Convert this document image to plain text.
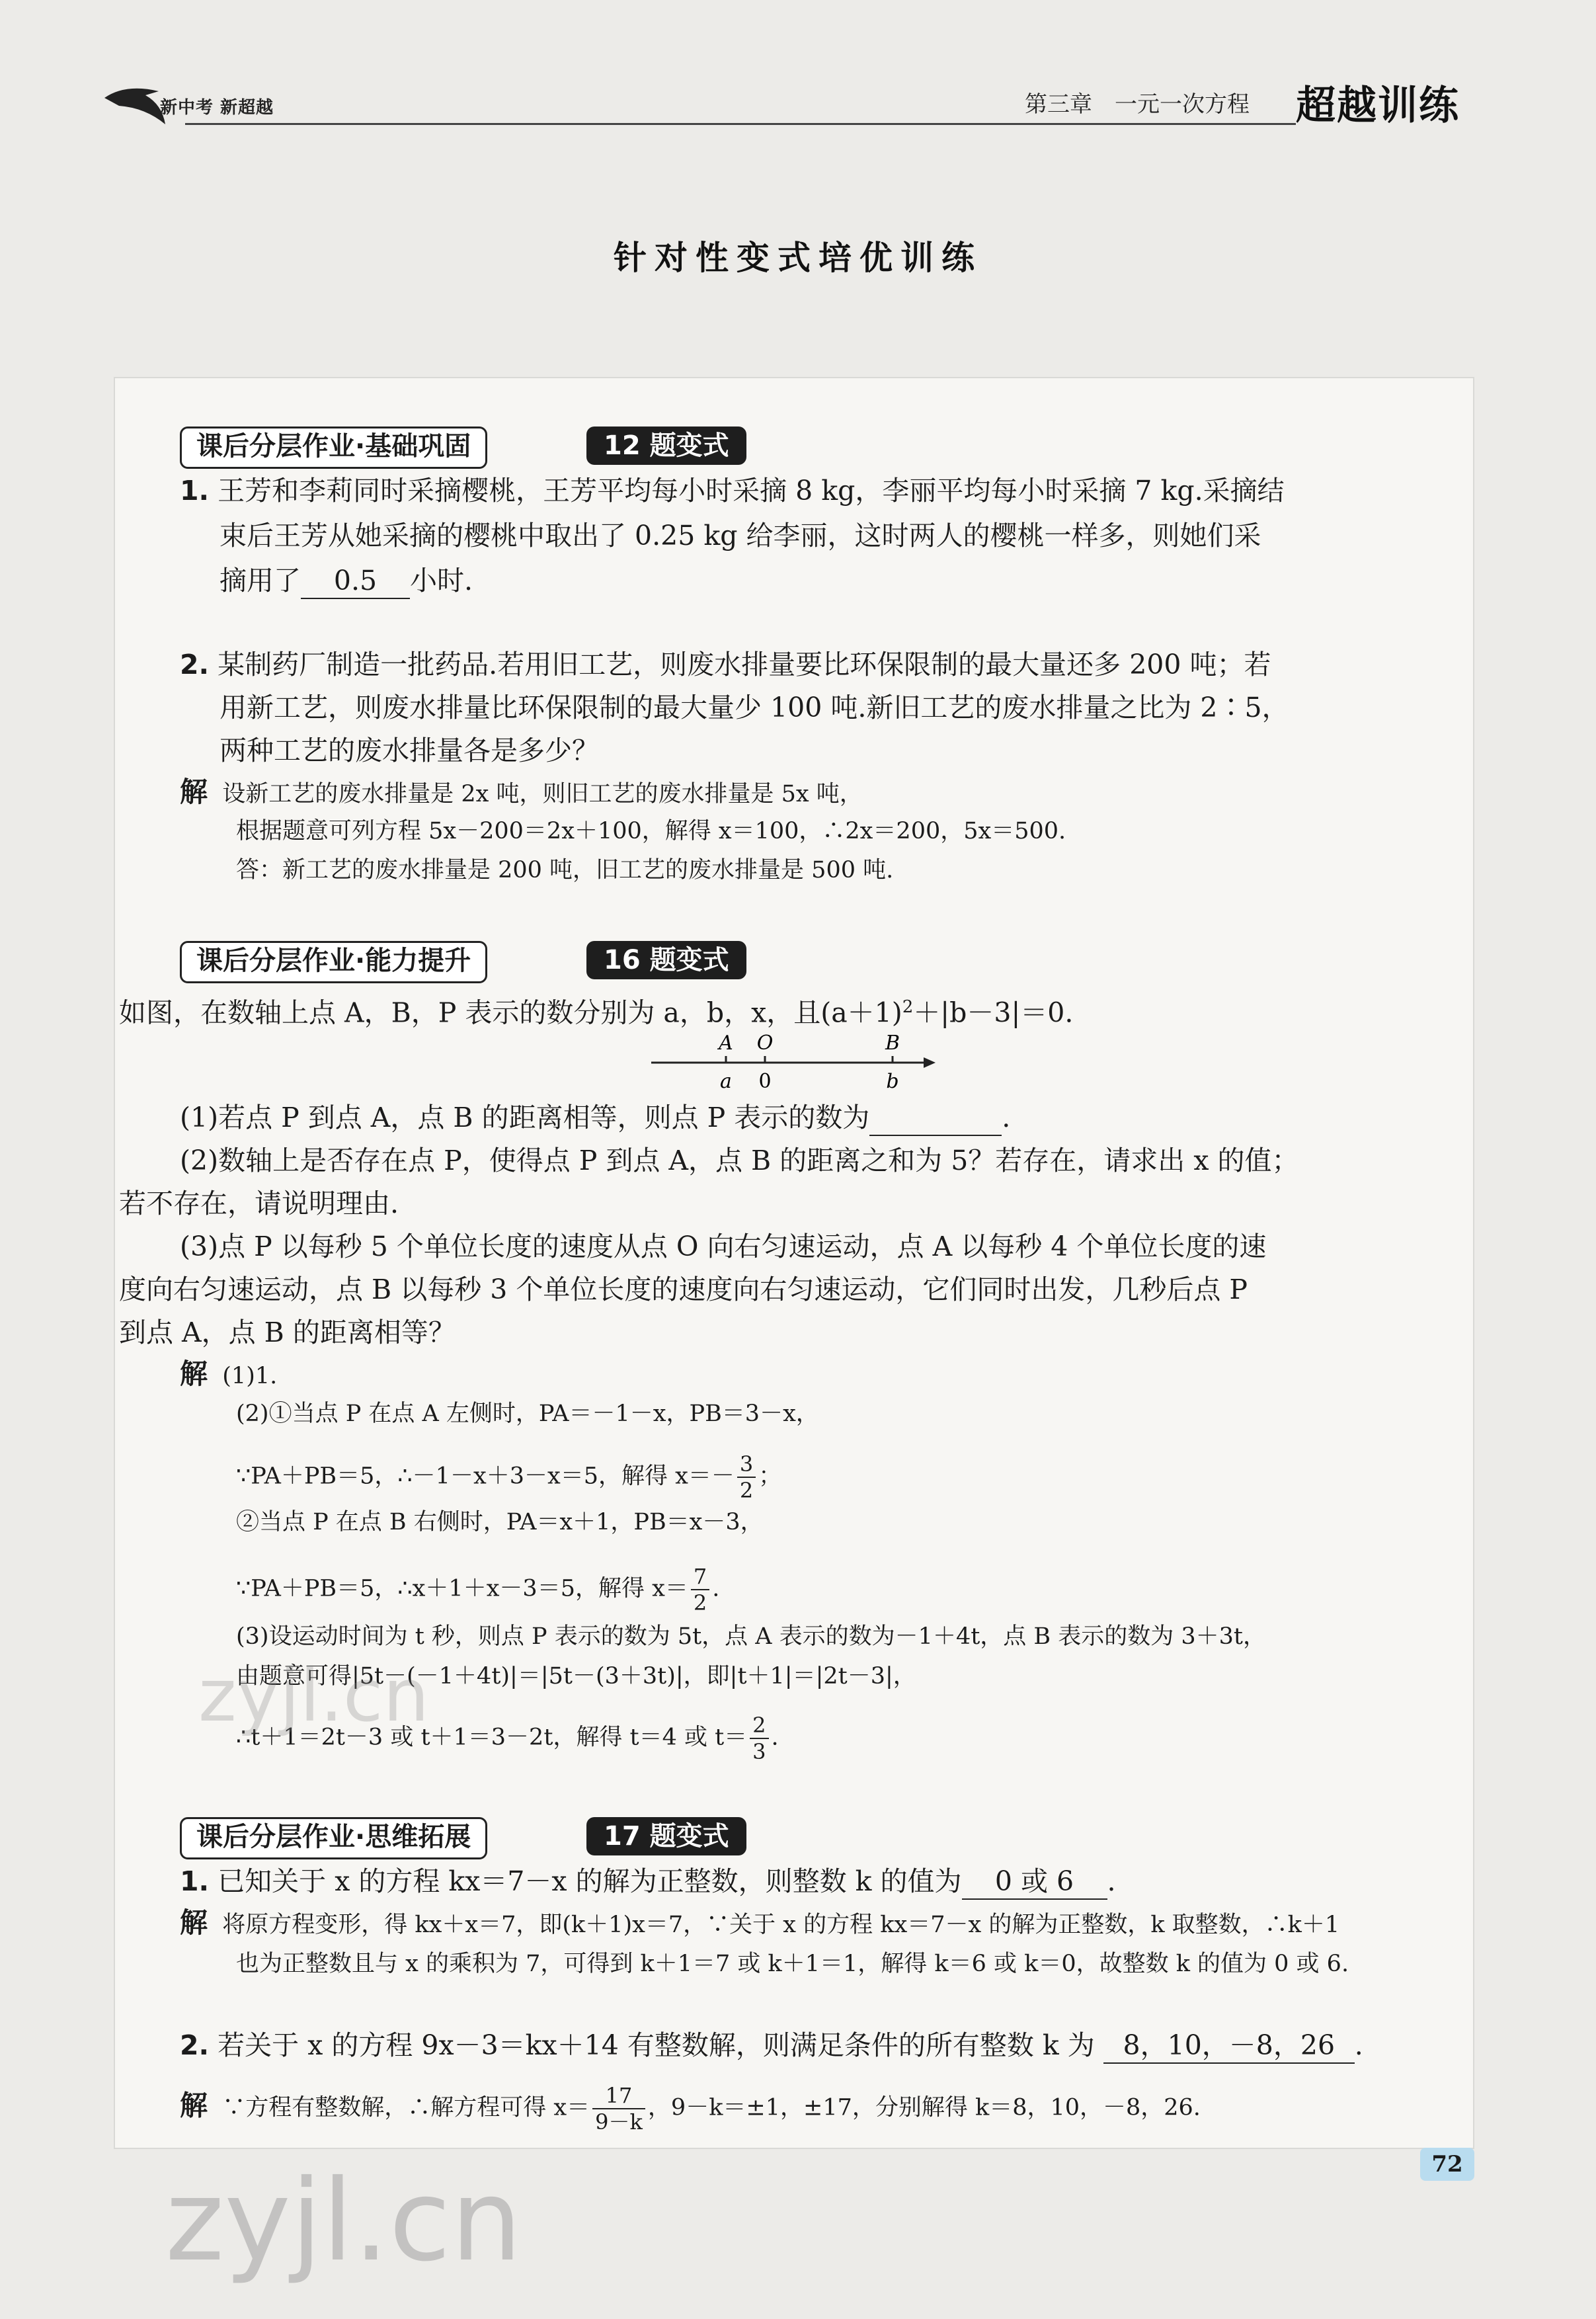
新中考 新超越	第三章　一元一次方程 超越训练
针对性变式培优训练
课后分层作业·基础巩固	12 题变式
1. 王芳和李莉同时采摘樱桃，王芳平均每小时采摘 8 kg，李丽平均每小时采摘 7 kg.采摘结
束后王芳从她采摘的樱桃中取出了 0.25 kg 给李丽，这时两人的樱桃一样多，则她们采
摘用了 0.5 小时.
2. 某制药厂制造一批药品.若用旧工艺，则废水排量要比环保限制的最大量还多 200 吨；若
用新工艺，则废水排量比环保限制的最大量少 100 吨.新旧工艺的废水排量之比为 2∶5，
两种工艺的废水排量各是多少？
解 设新工艺的废水排量是 2x 吨，则旧工艺的废水排量是 5x 吨，
根据题意可列方程 5x－200＝2x＋100，解得 x＝100，∴2x＝200，5x＝500.
答：新工艺的废水排量是 200 吨，旧工艺的废水排量是 500 吨.
课后分层作业·能力提升	16 题变式
如图，在数轴上点 A，B，P 表示的数分别为 a，b，x，且$(a+1)^2+|b-3|=0$.
A O	B
a 0	b
(1)若点 P 到点 A，点 B 的距离相等，则点 P 表示的数为	.
(2)数轴上是否存在点 P，使得点 P 到点 A，点 B 的距离之和为 5？若存在，请求出 x 的值；
若不存在，请说明理由.
(3)点 P 以每秒 5 个单位长度的速度从点 O 向右匀速运动，点 A 以每秒 4 个单位长度的速
度向右匀速运动，点 B 以每秒 3 个单位长度的速度向右匀速运动，它们同时出发，几秒后点 P
到点 A，点 B 的距离相等？
解 (1)1.
(2)①当点 P 在点 A 左侧时，PA＝－1－x，PB＝3－x，
∵PA＋PB＝5，∴－1－x＋3－x＝5，解得 $x=- \frac{3}{2}$ ；
②当点 P 在点 B 右侧时，PA＝x＋1，PB＝x－3，
∵PA＋PB＝5，∴x＋1＋x－3＝5，解得 $x= \frac{7}{2}$ .
(3)设运动时间为 t 秒，则点 P 表示的数为 5t，点 A 表示的数为－1＋4t，点 B 表示的数为 3＋3t，
由题意可得|5t－(－1＋4t)|＝|5t－(3＋3t)|，即|t＋1|＝|2t－3|，
∴t＋1＝2t－3 或 t＋1＝3－2t，解得 t＝4 或 $t= \frac{2}{3}$ .
课后分层作业·思维拓展	17 题变式
1. 已知关于 x 的方程 kx＝7－x 的解为正整数，则整数 k 的值为 0 或 6 .
解 将原方程变形，得 kx＋x＝7，即(k＋1)x＝7，∵关于 x 的方程 kx＝7－x 的解为正整数，k 取整数，∴k＋1
也为正整数且与 x 的乘积为 7，可得到 k＋1＝7 或 k＋1＝1，解得 k＝6 或 k＝0，故整数 k 的值为 0 或 6.
2. 若关于 x 的方程 9x－3＝kx＋14 有整数解，则满足条件的所有整数 k 为 8，10，－8，26 .
解 ∵方程有整数解，∴解方程可得 $x= \frac{17}{9-k}$ ，9－k＝±1，±17，分别解得 k＝8，10，－8，26.
72
zyjl.cn
zyjl.cn
